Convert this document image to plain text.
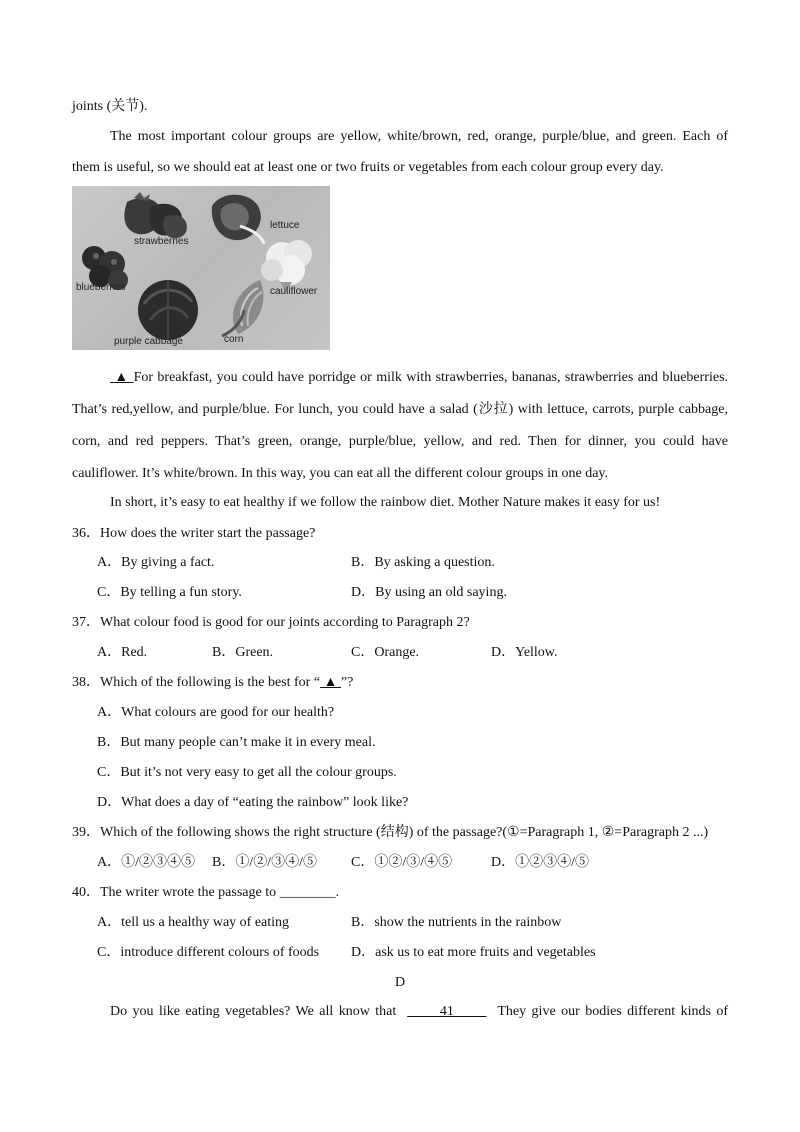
joints (关节).
The most important colour groups are yellow, white/brown, red, orange, purple/blue, and green. Each of
them is useful, so we should eat at least one or two fruits or vegetables from each colour group every day.
strawberries
lettuce
blueberries	cauliflower
purple cabbage	corn
▲ For breakfast, you could have porridge or milk with strawberries, bananas, strawberries and blueberries.
That’s red,yellow, and purple/blue. For lunch, you could have a salad (沙拉) with lettuce, carrots, purple cabbage,
corn, and red peppers. That’s green, orange, purple/blue, yellow, and red. Then for dinner, you could have
cauliflower. It’s white/brown. In this way, you can eat all the different colour groups in one day.
In short, it’s easy to eat healthy if we follow the rainbow diet. Mother Nature makes it easy for us!
36．How does the writer start the passage?
A．By giving a fact.	B．By asking a question.
C．By telling a fun story.	D．By using an old saying.
37．What colour food is good for our joints according to Paragraph 2?
A．Red.	B．Green.	C．Orange.	D．Yellow.
38．Which of the following is the best for “ ▲ ”?
A．What colours are good for our health?
B．But many people can’t make it in every meal.
C．But it’s not very easy to get all the colour groups.
D．What does a day of “eating the rainbow” look like?
39．Which of the following shows the right structure (结构) of the passage?(①=Paragraph 1, ②=Paragraph 2 ...)
A．①/②③④⑤ B．①/②/③④/⑤ C．①②/③/④⑤	D．①②③④/⑤
40．The writer wrote the passage to ________.
A．tell us a healthy way of eating	B．show the nutrients in the rainbow
C．introduce different colours of foods D．ask us to eat more fruits and vegetables
D
Do you like eating vegetables? We all know that	41	They give our bodies different kinds of
